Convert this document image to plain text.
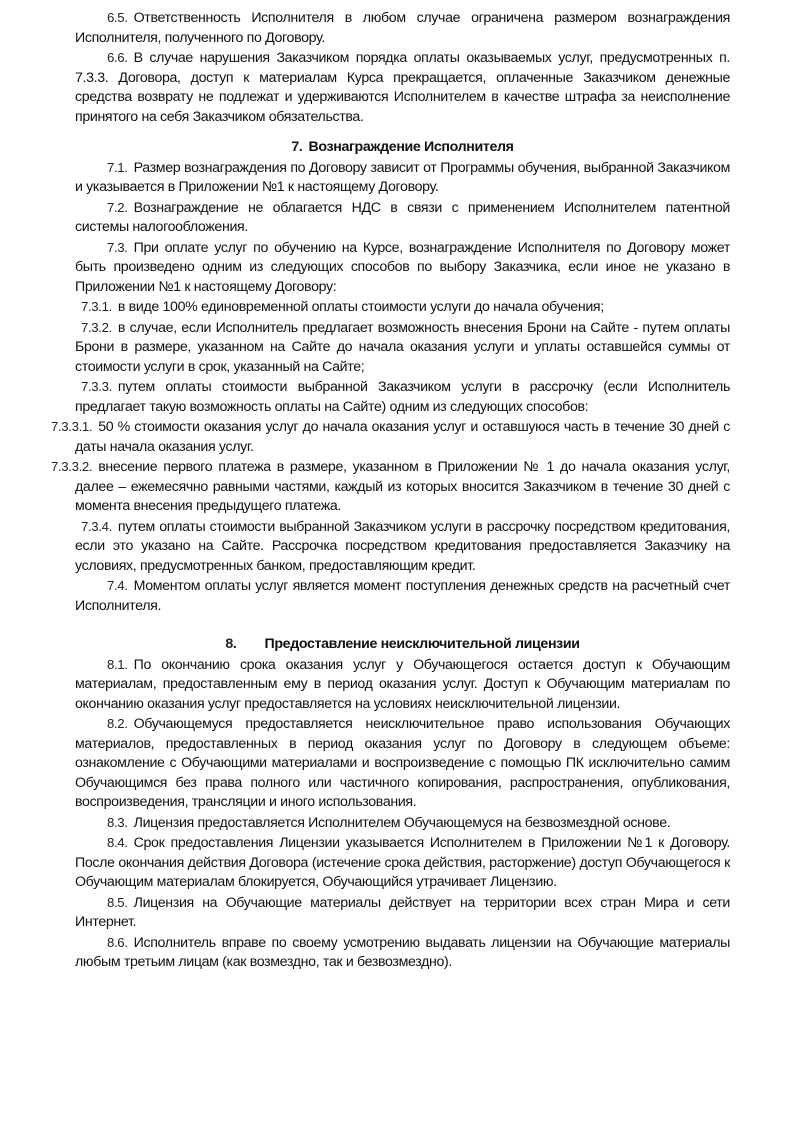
6.5. Ответственность Исполнителя в любом случае ограничена размером вознаграждения Исполнителя, полученного по Договору.

6.6. В случае нарушения Заказчиком порядка оплаты оказываемых услуг, предусмотренных п. 7.3.3. Договора, доступ к материалам Курса прекращается, оплаченные Заказчиком денежные средства возврату не подлежат и удерживаются Исполнителем в качестве штрафа за неисполнение принятого на себя Заказчиком обязательства.

7. Вознаграждение Исполнителя

7.1. Размер вознаграждения по Договору зависит от Программы обучения, выбранной Заказчиком и указывается в Приложении №1 к настоящему Договору.

7.2. Вознаграждение не облагается НДС в связи с применением Исполнителем патентной системы налогообложения.

7.3. При оплате услуг по обучению на Курсе, вознаграждение Исполнителя по Договору может быть произведено одним из следующих способов по выбору Заказчика, если иное не указано в Приложении №1 к настоящему Договору:

7.3.1. в виде 100% единовременной оплаты стоимости услуги до начала обучения;

7.3.2. в случае, если Исполнитель предлагает возможность внесения Брони на Сайте - путем оплаты Брони в размере, указанном на Сайте до начала оказания услуги и уплаты оставшейся суммы от стоимости услуги в срок, указанный на Сайте;

7.3.3. путем оплаты стоимости выбранной Заказчиком услуги в рассрочку (если Исполнитель предлагает такую возможность оплаты на Сайте) одним из следующих способов:

7.3.3.1. 50 % стоимости оказания услуг до начала оказания услуг и оставшуюся часть в течение 30 дней с даты начала оказания услуг.

7.3.3.2. внесение первого платежа в размере, указанном в Приложении № 1 до начала оказания услуг, далее – ежемесячно равными частями, каждый из которых вносится Заказчиком в течение 30 дней с момента внесения предыдущего платежа.

7.3.4. путем оплаты стоимости выбранной Заказчиком услуги в рассрочку посредством кредитования, если это указано на Сайте. Рассрочка посредством кредитования предоставляется Заказчику на условиях, предусмотренных банком, предоставляющим кредит.

7.4. Моментом оплаты услуг является момент поступления денежных средств на расчетный счет Исполнителя.

8. Предоставление неисключительной лицензии

8.1. По окончанию срока оказания услуг у Обучающегося остается доступ к Обучающим материалам, предоставленным ему в период оказания услуг. Доступ к Обучающим материалам по окончанию оказания услуг предоставляется на условиях неисключительной лицензии.

8.2. Обучающемуся предоставляется неисключительное право использования Обучающих материалов, предоставленных в период оказания услуг по Договору в следующем объеме: ознакомление с Обучающими материалами и воспроизведение с помощью ПК исключительно самим Обучающимся без права полного или частичного копирования, распространения, опубликования, воспроизведения, трансляции и иного использования.

8.3. Лицензия предоставляется Исполнителем Обучающемуся на безвозмездной основе.

8.4. Срок предоставления Лицензии указывается Исполнителем в Приложении №1 к Договору. После окончания действия Договора (истечение срока действия, расторжение) доступ Обучающегося к Обучающим материалам блокируется, Обучающийся утрачивает Лицензию.

8.5. Лицензия на Обучающие материалы действует на территории всех стран Мира и сети Интернет.

8.6. Исполнитель вправе по своему усмотрению выдавать лицензии на Обучающие материалы любым третьим лицам (как возмездно, так и безвозмездно).
